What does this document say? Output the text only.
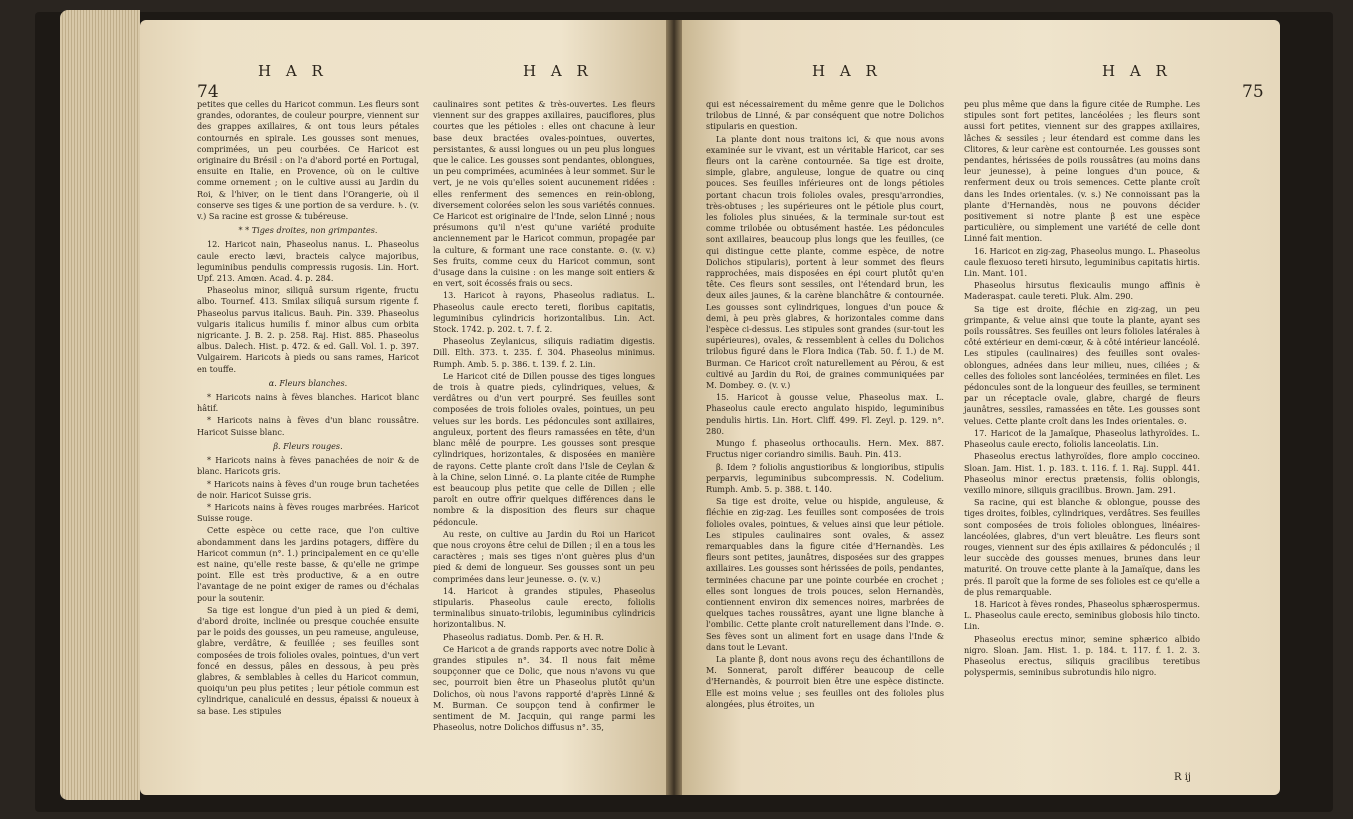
74
H A R	H A R

petites que celles du Haricot commun. Les fleurs sont grandes, odorantes, de couleur pourpre, viennent sur des grappes axillaires, & ont tous leurs pétales contournés en spirale. Les gousses sont menues, comprimées, un peu courbées. Ce Haricot est originaire du Brésil : on l'a d'abord porté en Portugal, ensuite en Italie, en Provence, où on le cultive comme ornement ; on le cultive aussi au Jardin du Roi, & l'hiver, on le tient dans l'Orangerie, où il conserve ses tiges & une portion de sa verdure. ♄. (v. v.) Sa racine est grosse & tubéreuse.

* * Tiges droites, non grimpantes.

12. Haricot nain, Phaseolus nanus. L. Phaseolus caule erecto lævi, bracteis calyce majoribus, leguminibus pendulis compressis rugosis. Lin. Hort. Upf. 213. Amœn. Acad. 4. p. 284.

Phaseolus minor, siliquâ sursum rigente, fructu albo. Tournef. 413. Smilax siliquâ sursum rigente f. Phaseolus parvus italicus. Bauh. Pin. 339. Phaseolus vulgaris italicus humilis f. minor albus cum orbita nigricante. J. B. 2. p. 258. Raj. Hist. 885. Phaseolus albus. Dalech. Hist. p. 472. & ed. Gall. Vol. 1. p. 397. Vulgairem. Haricots à pieds ou sans rames, Haricot en touffe.

α. Fleurs blanches.

* Haricots nains à fèves blanches. Haricot blanc hâtif.

* Haricots nains à fèves d'un blanc roussâtre. Haricot Suisse blanc.

β. Fleurs rouges.

* Haricots nains à fèves panachées de noir & de blanc. Haricots gris.

* Haricots nains à fèves d'un rouge brun tachetées de noir. Haricot Suisse gris.

* Haricots nains à fèves rouges marbrées. Haricot Suisse rouge.

Cette espèce ou cette race, que l'on cultive abondamment dans les jardins potagers, diffère du Haricot commun (n°. 1.) principalement en ce qu'elle est naine, qu'elle reste basse, & qu'elle ne grimpe point. Elle est très productive, & a en outre l'avantage de ne point exiger de rames ou d'échalas pour la soutenir.

Sa tige est longue d'un pied à un pied & demi, d'abord droite, inclinée ou presque couchée ensuite par le poids des gousses, un peu rameuse, anguleuse, glabre, verdâtre, & feuillée ; ses feuilles sont composées de trois folioles ovales, pointues, d'un vert foncé en dessus, pâles en dessous, à peu près glabres, & semblables à celles du Haricot commun, quoiqu'un peu plus petites ; leur pétiole commun est cylindrique, canaliculé en dessus, épaissi & noueux à sa base. Les stipules

caulinaires sont petites & très-ouvertes. Les fleurs viennent sur des grappes axillaires, pauciflores, plus courtes que les pétioles : elles ont chacune à leur base deux bractées ovales-pointues, ouvertes, persistantes, & aussi longues ou un peu plus longues que le calice. Les gousses sont pendantes, oblongues, un peu comprimées, acuminées à leur sommet. Sur le vert, je ne vois qu'elles soient aucunement ridées : elles renferment des semences en rein-oblong, diversement colorées selon les sous variétés connues. Ce Haricot est originaire de l'Inde, selon Linné ; nous présumons qu'il n'est qu'une variété produite anciennement par le Haricot commun, propagée par la culture, & formant une race constante. ⊙. (v. v.) Ses fruits, comme ceux du Haricot commun, sont d'usage dans la cuisine : on les mange soit entiers & en vert, soit écossés frais ou secs.

13. Haricot à rayons, Phaseolus radiatus. L. Phaseolus caule erecto tereti, floribus capitatis, leguminibus cylindricis horizontalibus. Lin. Act. Stock. 1742. p. 202. t. 7. f. 2.

Phaseolus Zeylanicus, siliquis radiatim digestis. Dill. Elth. 373. t. 235. f. 304. Phaseolus minimus. Rumph. Amb. 5. p. 386. t. 139. f. 2. Lin.

Le Haricot cité de Dillen pousse des tiges longues de trois à quatre pieds, cylindriques, velues, & verdâtres ou d'un vert pourpré. Ses feuilles sont composées de trois folioles ovales, pointues, un peu velues sur les bords. Les pédoncules sont axillaires, anguleux, portent des fleurs ramassées en tête, d'un blanc mêlé de pourpre. Les gousses sont presque cylindriques, horizontales, & disposées en manière de rayons. Cette plante croît dans l'Isle de Ceylan & à la Chine, selon Linné. ⊙. La plante citée de Rumphe est beaucoup plus petite que celle de Dillen ; elle paroît en outre offrir quelques différences dans le nombre & la disposition des fleurs sur chaque pédoncule.

Au reste, on cultive au Jardin du Roi un Haricot que nous croyons être celui de Dillen ; il en a tous les caractères ; mais ses tiges n'ont guères plus d'un pied & demi de longueur. Ses gousses sont un peu comprimées dans leur jeunesse. ⊙. (v. v.)

14. Haricot à grandes stipules, Phaseolus stipularis. Phaseolus caule erecto, foliolis terminalibus sinuato-trilobis, leguminibus cylindricis horizontalibus. N.

Phaseolus radiatus. Domb. Per. & H. R.

Ce Haricot a de grands rapports avec notre Dolic à grandes stipules n°. 34. Il nous fait même soupçonner que ce Dolic, que nous n'avons vu que sec, pourroit bien être un Phaseolus plutôt qu'un Dolichos, où nous l'avons rapporté d'après Linné & M. Burman. Ce soupçon tend à confirmer le sentiment de M. Jacquin, qui range parmi les Phaseolus, notre Dolichos diffusus n°. 35,

H A R	H A R
75

qui est nécessairement du même genre que le Dolichos trilobus de Linné, & par conséquent que notre Dolichos stipularis en question.

La plante dont nous traitons ici, & que nous avons examinée sur le vivant, est un véritable Haricot, car ses fleurs ont la carène contournée. Sa tige est droite, simple, glabre, anguleuse, longue de quatre ou cinq pouces. Ses feuilles inférieures ont de longs pétioles portant chacun trois folioles ovales, presqu'arrondies, très-obtuses ; les supérieures ont le pétiole plus court, les folioles plus sinuées, & la terminale sur-tout est comme trilobée ou obtusément hastée. Les pédoncules sont axillaires, beaucoup plus longs que les feuilles, (ce qui distingue cette plante, comme espèce, de notre Dolichos stipularis), portent à leur sommet des fleurs rapprochées, mais disposées en épi court plutôt qu'en tête. Ces fleurs sont sessiles, ont l'étendard brun, les deux ailes jaunes, & la carène blanchâtre & contournée. Les gousses sont cylindriques, longues d'un pouce & demi, à peu près glabres, & horizontales comme dans l'espèce ci-dessus. Les stipules sont grandes (sur-tout les supérieures), ovales, & ressemblent à celles du Dolichos trilobus figuré dans le Flora Indica (Tab. 50. f. 1.) de M. Burman. Ce Haricot croît naturellement au Pérou, & est cultivé au Jardin du Roi, de graines communiquées par M. Dombey. ⊙. (v. v.)

15. Haricot à gousse velue, Phaseolus max. L. Phaseolus caule erecto angulato hispido, leguminibus pendulis hirtis. Lin. Hort. Cliff. 499. Fl. Zeyl. p. 129. n°. 280.

Mungo f. phaseolus orthocaulis. Hern. Mex. 887. Fructus niger coriandro similis. Bauh. Pin. 413.

β. Idem ? foliolis angustioribus & longioribus, stipulis perparvis, leguminibus subcompressis. N. Codelium. Rumph. Amb. 5. p. 388. t. 140.

Sa tige est droite, velue ou hispide, anguleuse, & fléchie en zig-zag. Les feuilles sont composées de trois folioles ovales, pointues, & velues ainsi que leur pétiole. Les stipules caulinaires sont ovales, & assez remarquables dans la figure citée d'Hernandès. Les fleurs sont petites, jaunâtres, disposées sur des grappes axillaires. Les gousses sont hérissées de poils, pendantes, terminées chacune par une pointe courbée en crochet ; elles sont longues de trois pouces, selon Hernandès, contiennent environ dix semences noires, marbrées de quelques taches roussâtres, ayant une ligne blanche à l'ombilic. Cette plante croît naturellement dans l'Inde. ⊙. Ses fèves sont un aliment fort en usage dans l'Inde & dans tout le Levant.

La plante β, dont nous avons reçu des échantillons de M. Sonnerat, paroît différer beaucoup de celle d'Hernandès, & pourroit bien être une espèce distincte. Elle est moins velue ; ses feuilles ont des folioles plus alongées, plus étroites, un

peu plus même que dans la figure citée de Rumphe. Les stipules sont fort petites, lancéolées ; les fleurs sont aussi fort petites, viennent sur des grappes axillaires, lâches & sessiles ; leur étendard est comme dans les Clitores, & leur carène est contournée. Les gousses sont pendantes, hérissées de poils roussâtres (au moins dans leur jeunesse), à peine longues d'un pouce, & renferment deux ou trois semences. Cette plante croît dans les Indes orientales. (v. s.) Ne connoissant pas la plante d'Hernandès, nous ne pouvons décider positivement si notre plante β est une espèce particulière, ou simplement une variété de celle dont Linné fait mention.

16. Haricot en zig-zag, Phaseolus mungo. L. Phaseolus caule flexuoso tereti hirsuto, leguminibus capitatis hirtis. Lin. Mant. 101.

Phaseolus hirsutus flexicaulis mungo affinis è Maderaspat. caule tereti. Pluk. Alm. 290.

Sa tige est droite, fléchie en zig-zag, un peu grimpante, & velue ainsi que toute la plante, ayant ses poils roussâtres. Ses feuilles ont leurs folioles latérales à côté extérieur en demi-cœur, & à côté intérieur lancéolé. Les stipules (caulinaires) des feuilles sont ovales-oblongues, adnées dans leur milieu, nues, ciliées ; & celles des folioles sont lancéolées, terminées en filet. Les pédoncules sont de la longueur des feuilles, se terminent par un réceptacle ovale, glabre, chargé de fleurs jaunâtres, sessiles, ramassées en tête. Les gousses sont velues. Cette plante croît dans les Indes orientales. ⊙.

17. Haricot de la Jamaïque, Phaseolus lathyroïdes. L. Phaseolus caule erecto, foliolis lanceolatis. Lin.

Phaseolus erectus lathyroïdes, flore amplo coccineo. Sloan. Jam. Hist. 1. p. 183. t. 116. f. 1. Raj. Suppl. 441. Phaseolus minor erectus prætensis, foliis oblongis, vexillo minore, siliquis gracilibus. Brown. Jam. 291.

Sa racine, qui est blanche & oblongue, pousse des tiges droites, foibles, cylindriques, verdâtres. Ses feuilles sont composées de trois folioles oblongues, linéaires-lancéolées, glabres, d'un vert bleuâtre. Les fleurs sont rouges, viennent sur des épis axillaires & pédonculés ; il leur succède des gousses menues, brunes dans leur maturité. On trouve cette plante à la Jamaïque, dans les prés. Il paroît que la forme de ses folioles est ce qu'elle a de plus remarquable.

18. Haricot à fèves rondes, Phaseolus sphærospermus. L. Phaseolus caule erecto, seminibus globosis hilo tincto. Lin.

Phaseolus erectus minor, semine sphærico albido nigro. Sloan. Jam. Hist. 1. p. 184. t. 117. f. 1. 2. 3. Phaseolus erectus, siliquis gracilibus teretibus polyspermis, seminibus subrotundis hilo nigro.

R ij
